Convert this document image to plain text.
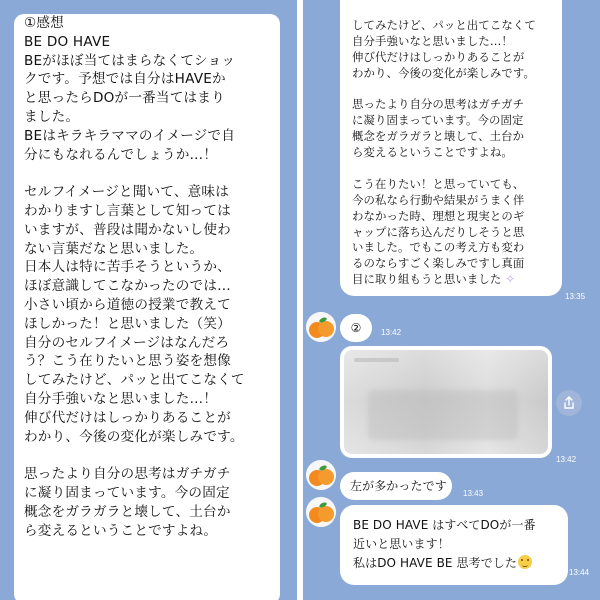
①感想
BE DO HAVE
BEがほぼ当てはまらなくてショッ
クです。予想では自分はHAVEか
と思ったらDOが一番当てはまり
ました。
BEはキラキラママのイメージで自
分にもなれるんでしょうか…！
セルフイメージと聞いて、意味は
わかりますし言葉として知っては
いますが、普段は聞かないし使わ
ない言葉だなと思いました。
日本人は特に苦手そうというか、
ほぼ意識してこなかったのでは…
小さい頃から道徳の授業で教えて
ほしかった！と思いました（笑）
自分のセルフイメージはなんだろ
う？こう在りたいと思う姿を想像
してみたけど、パッと出てこなくて
自分手強いなと思いました…！
伸び代だけはしっかりあることが
わかり、今後の変化が楽しみです。
思ったより自分の思考はガチガチ
に凝り固まっています。今の固定
概念をガラガラと壊して、土台か
ら変えるということですよね。
してみたけど、パッと出てこなくて
自分手強いなと思いました…！
伸び代だけはしっかりあることが
わかり、今後の変化が楽しみです。
思ったより自分の思考はガチガチ
に凝り固まっています。今の固定
概念をガラガラと壊して、土台か
ら変えるということですよね。
こう在りたい！と思っていても、
今の私なら行動や結果がうまく伴
わなかった時、理想と現実とのギ
ャップに落ち込んだりしそうと思
いました。でもこの考え方も変わ
るのならすごく楽しみですし真面
目に取り組もうと思いました ✧
13:35
②	13:42
13:42
左が多かったです
13:43
BE DO HAVE はすべてDOが一番
近いと思います！
私はDO HAVE BE 思考でした
13:44
